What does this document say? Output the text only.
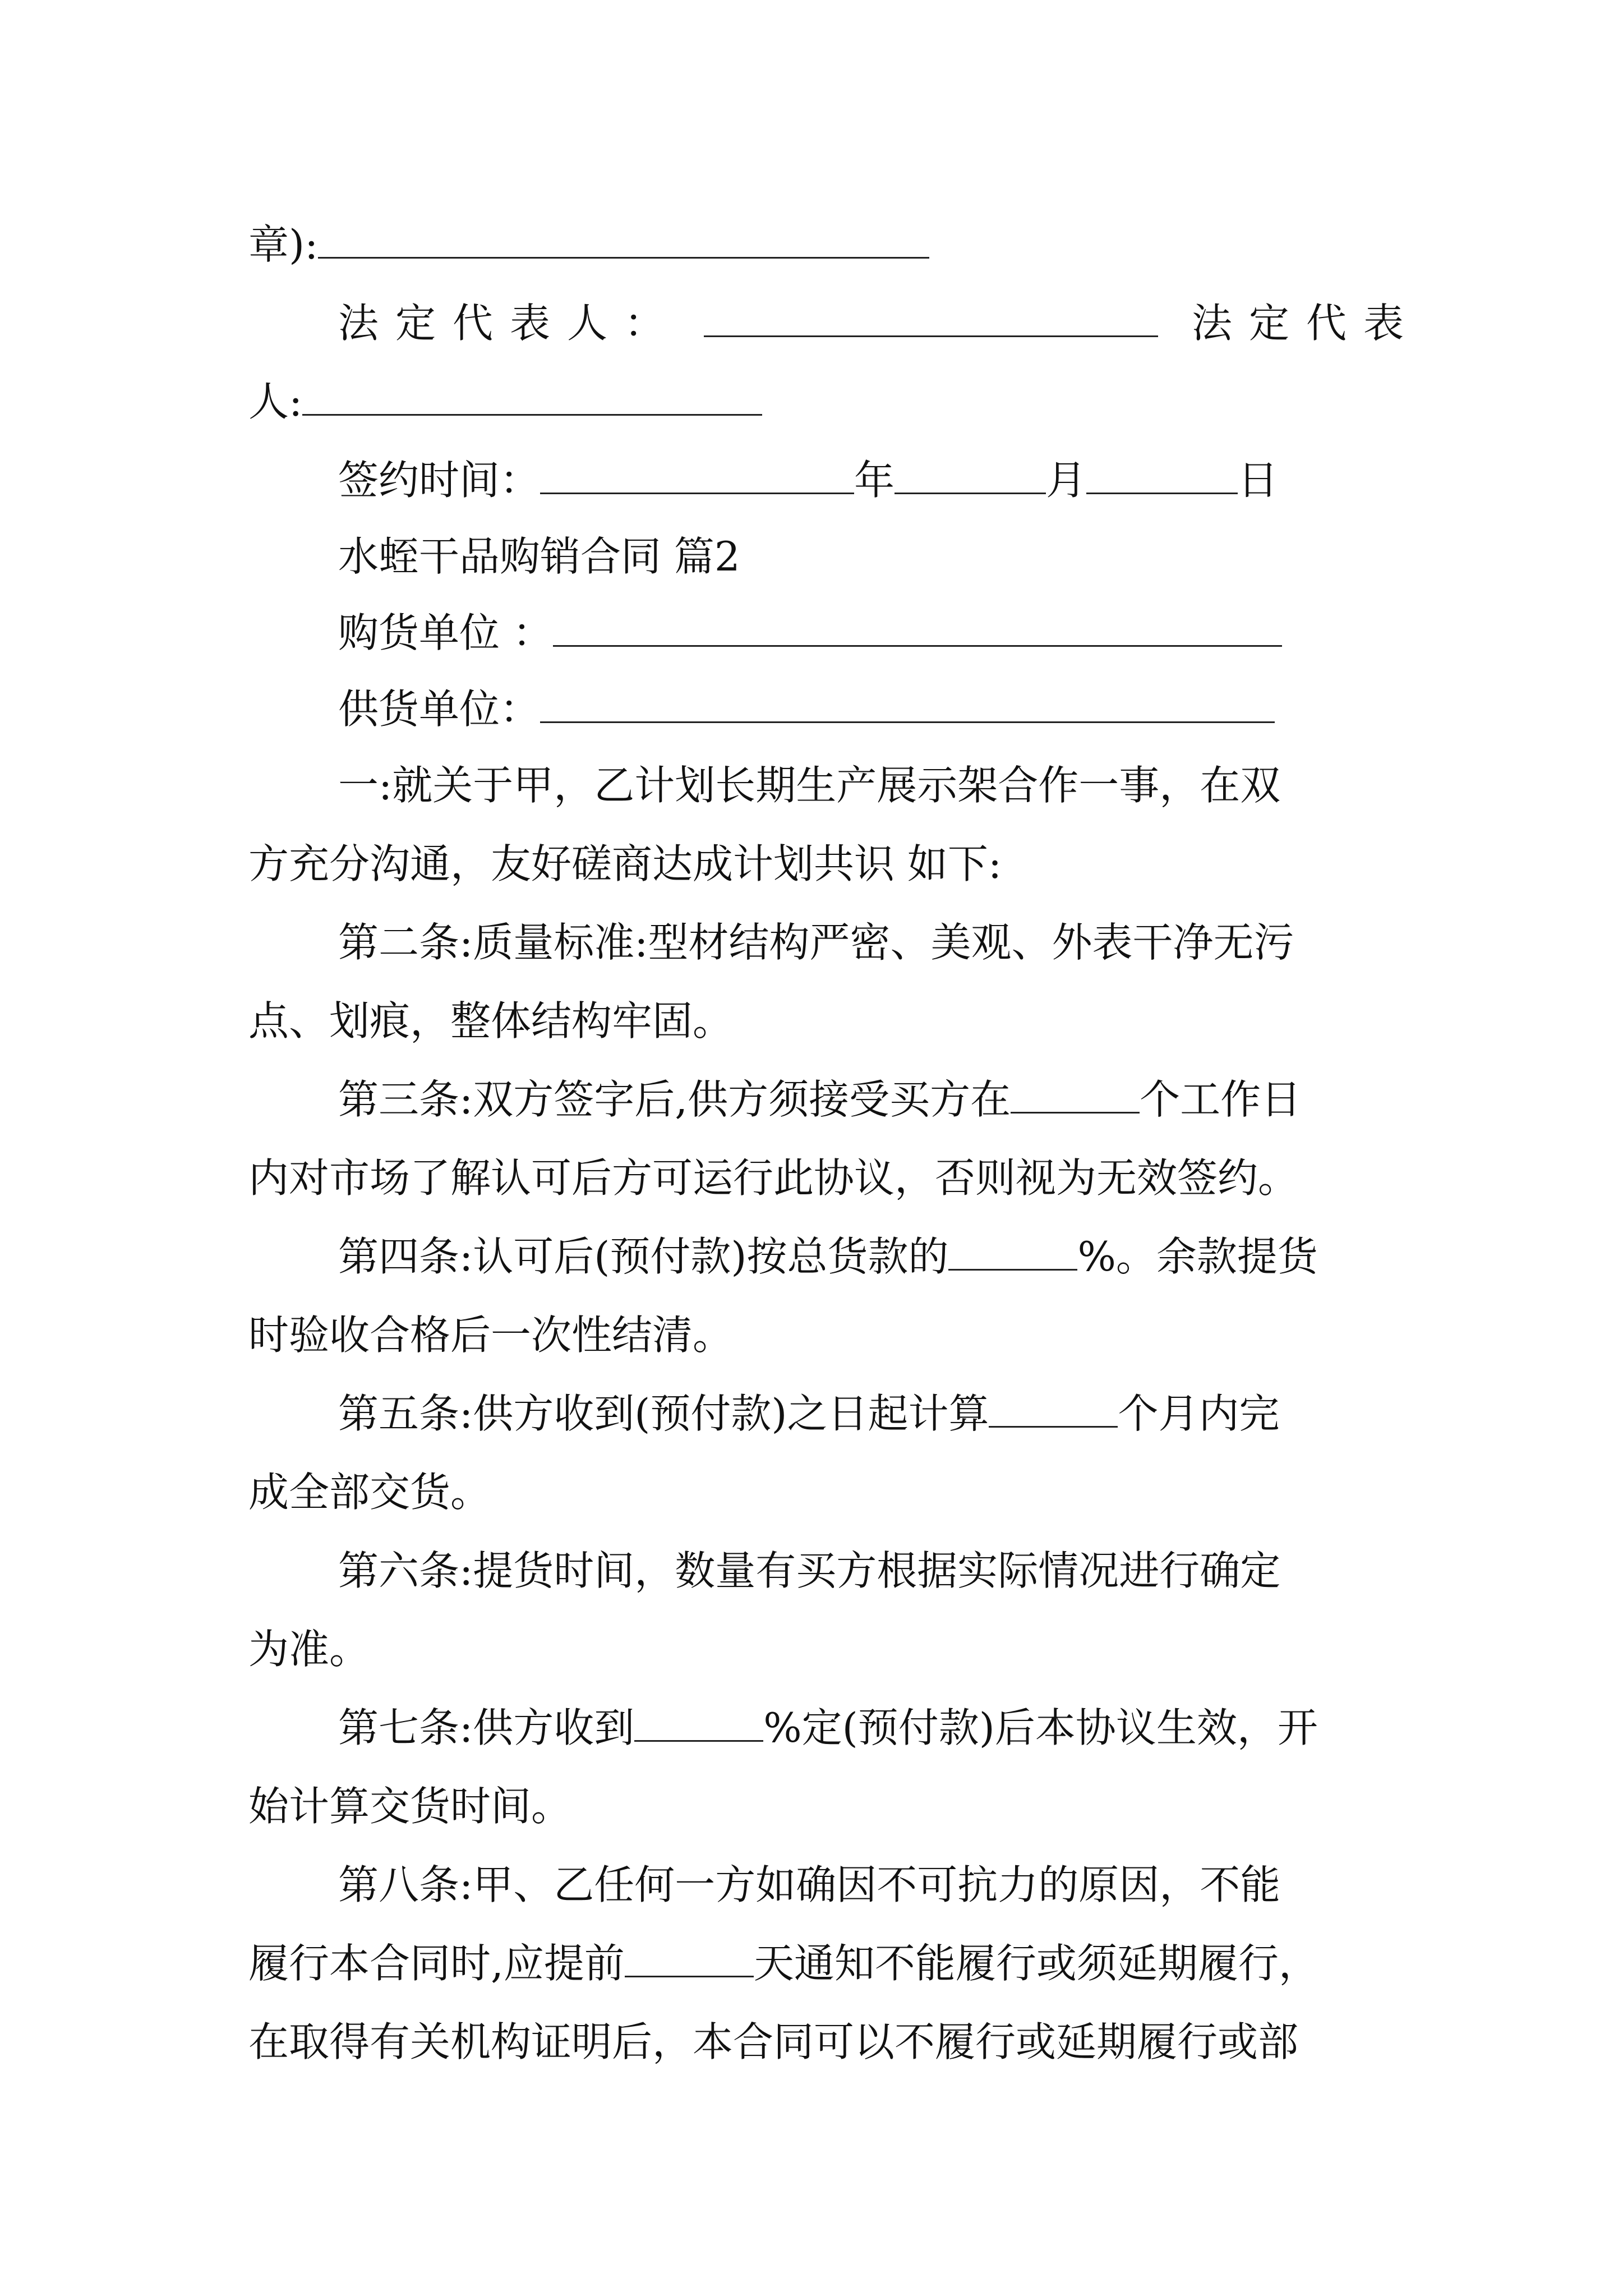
章):
法定代表人：	法定代表
人:
签约时间：	年	月	日
水蛭干品购销合同 篇2
购货单位 ：
供货单位：
一:就关于甲，乙计划长期生产展示架合作一事，在双
方充分沟通，友好磋商达成计划共识 如下:
第二条:质量标准:型材结构严密、美观、外表干净无污
点、划痕，整体结构牢固。
第三条:双方签字后,供方须接受买方在	个工作日
内对市场了解认可后方可运行此协议，否则视为无效签约。
第四条:认可后(预付款)按总货款的	%。余款提货
时验收合格后一次性结清。
第五条:供方收到(预付款)之日起计算	个月内完
成全部交货。
第六条:提货时间，数量有买方根据实际情况进行确定
为准。
第七条:供方收到	%定(预付款)后本协议生效，开
始计算交货时间。
第八条:甲、乙任何一方如确因不可抗力的原因，不能
履行本合同时,应提前	天通知不能履行或须延期履行，
在取得有关机构证明后，本合同可以不履行或延期履行或部
